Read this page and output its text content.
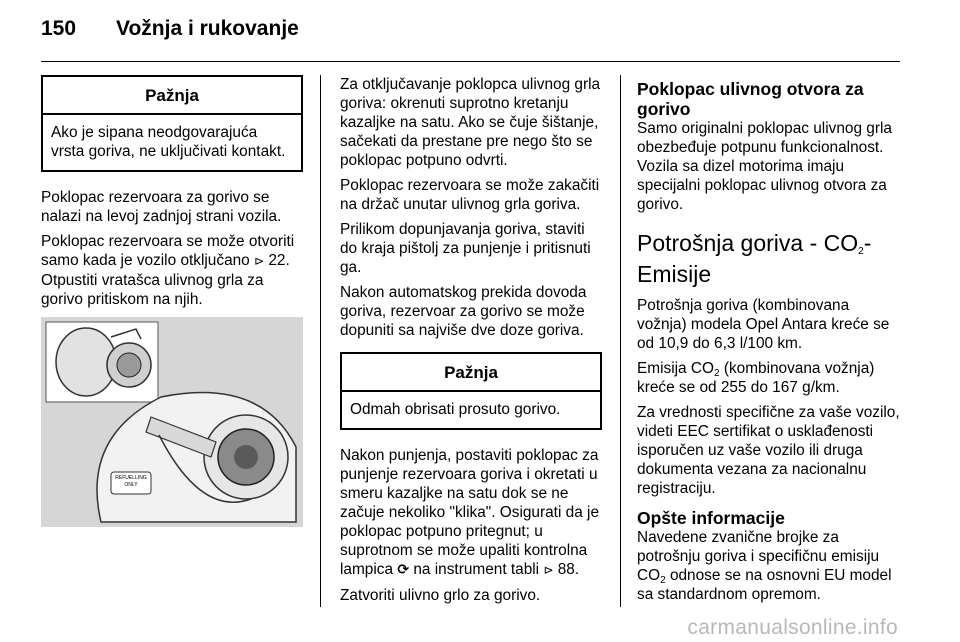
150 Vožnja i rukovanje
Pažnja
Ako je sipana neodgovarajuća vrsta goriva, ne uključivati kontakt.

Poklopac rezervoara za gorivo se nalazi na levoj zadnjoj strani vozila.

Poklopac rezervoara se može otvoriti samo kada je vozilo otključano ⊳ 22. Otpustiti vratašca ulivnog grla za gorivo pritiskom na njih.

REFUELLING ONLY

Za otključavanje poklopca ulivnog grla goriva: okrenuti suprotno kretanju kazaljke na satu. Ako se čuje šištanje, sačekati da prestane pre nego što se poklopac potpuno odvrti.

Poklopac rezervoara se može zakačiti na držač unutar ulivnog grla goriva.

Prilikom dopunjavanja goriva, staviti do kraja pištolj za punjenje i pritisnuti ga.

Nakon automatskog prekida dovoda goriva, rezervoar za gorivo se može dopuniti sa najviše dve doze goriva.

Pažnja
Odmah obrisati prosuto gorivo.

Nakon punjenja, postaviti poklopac za punjenje rezervoara goriva i okretati u smeru kazaljke na satu dok se ne začuje nekoliko "klika". Osigurati da je poklopac potpuno pritegnut; u suprotnom se može upaliti kontrolna lampica ⟳ na instrument tabli ⊳ 88.

Zatvoriti ulivno grlo za gorivo.

Poklopac ulivnog otvora za gorivo

Samo originalni poklopac ulivnog grla obezbeđuje potpunu funkcionalnost. Vozila sa dizel motorima imaju specijalni poklopac ulivnog otvora za gorivo.

Potrošnja goriva - $CO_2-$
Emisije

Potrošnja goriva (kombinovana vožnja) modela Opel Antara kreće se od 10,9 do 6,3 l/100 km.

Emisija $CO_2$ (kombinovana vožnja) kreće se od 255 do 167 g/km.

Za vrednosti specifične za vaše vozilo, videti EEC sertifikat o usklađenosti isporučen uz vaše vozilo ili druga dokumenta vezana za nacionalnu registraciju.

Opšte informacije

Navedene zvanične brojke za potrošnju goriva i specifičnu emisiju $CO_2$ odnose se na osnovni EU model sa standardnom opremom.

carmanualsonline.info
